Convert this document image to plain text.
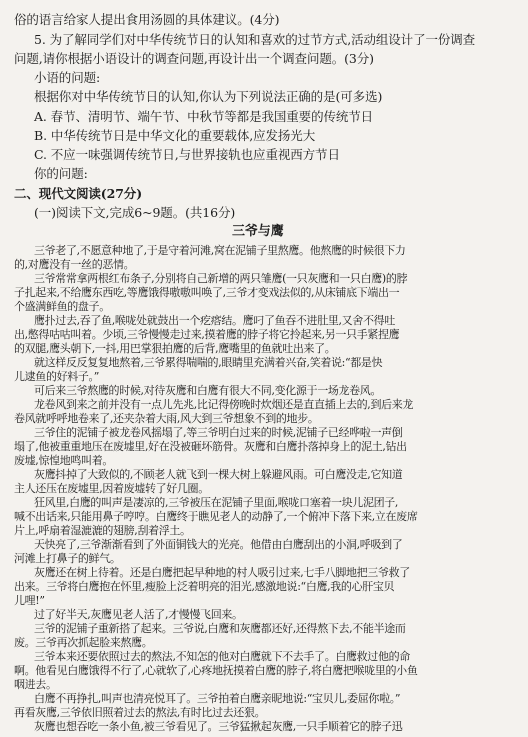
俗的语言给家人提出食用汤圆的具体建议。(4分)
5. 为了解同学们对中华传统节日的认知和喜欢的过节方式,活动组设计了一份调查
问题,请你根据小语设计的调查问题,再设计出一个调查问题。(3分)
小语的问题:
根据你对中华传统节日的认知,你认为下列说法正确的是(可多选)
A. 春节、清明节、端午节、中秋节等都是我国重要的传统节日
B. 中华传统节日是中华文化的重要载体,应发扬光大
C. 不应一味强调传统节日,与世界接轨也应重视西方节日
你的问题:
二、现代文阅读(27分)
(一)阅读下文,完成6~9题。(共16分)
三爷与鹰
三爷老了,不愿意种地了,于是守着河滩,窝在泥铺子里熬鹰。他熬鹰的时候很下力
的,对鹰没有一丝的恶情。
三爷常常拿两根红布条子,分别将自己新增的两只雏鹰(一只灰鹰和一只白鹰)的脖
子扎起来,不给鹰东西吃,等鹰饿得嗷嗷叫唤了,三爷才变戏法似的,从床铺底下端出一
个盛满鲜鱼的盘子。
鹰扑过去,吞了鱼,喉咙处就鼓出一个疙瘩结。鹰叼了鱼吞不进肚里,又舍不得吐
出,憋得咕咕叫着。少顷,三爷慢慢走过来,摸着鹰的脖子将它拎起来,另一只手紧捏鹰
的双腿,鹰头朝下,一抖,用巴掌狠拍鹰的后背,鹰嘴里的鱼就吐出来了。
就这样反反复复地熬着,三爷累得喘喘的,眼睛里充满着兴奋,笑着说:“都是快
儿逮鱼的好料子。”
可后来三爷熬鹰的时候,对待灰鹰和白鹰有很大不同,变化源于一场龙卷风。
龙卷风到来之前并没有一点儿先兆,比记得傍晚时炊烟还是直直插上去的,到后来龙
卷风就呼呼地卷来了,还夹杂着大雨,风大到三爷想象不到的地步。
三爷住的泥铺子被龙卷风摇塌了,等三爷明白过来的时候,泥铺子已经哗啦一声倒
塌了,他被重重地压在废墟里,好在没被砸坏筋骨。灰鹰和白鹰扑落掉身上的泥土,钻出
废墟,惊惶地鸣叫着。
灰鹰抖掉了大致似的,不顾老人就飞到一棵大树上躲避风雨。可白鹰没走,它知道
主人还压在废墟里,因着废墟转了好几圈。
狂风里,白鹰的叫声是凄凉的,三爷被压在泥铺子里面,喉咙口塞着一块儿泥团子,
喊不出话来,只能用鼻子哼哼。白鹰终于瞧见老人的动静了,一个俯冲下落下来,立在废席
片上,呼扇着湿漉漉的翅膀,刮着浮土。
天快亮了,三爷渐渐看到了外面铜钱大的光亮。他借由白鹰刮出的小洞,呼吸到了
河滩上打鼻子的鲜气。
灰鹰还在树上待着。还是白鹰把起早种地的村人吸引过来,七手八脚地把三爷救了
出来。三爷将白鹰抱在怀里,瘦脸上泛着明亮的泪光,感激地说:“白鹰,我的心肝宝贝
儿哩!”
过了好半天,灰鹰见老人活了,才慢慢飞回来。
三爷的泥铺子重新搭了起来。三爷说,白鹰和灰鹰都还好,还得熬下去,不能半途而
废。三爷再次抓起脸来熬鹰。
三爷本来还要依照过去的熬法,不知怎的他对白鹰就下不去手了。白鹰救过他的命
啊。他看见白鹰饿得不行了,心就软了,心疼地抚摸着白鹰的脖子,将白鹰把喉咙里的小鱼
咽进去。
白鹰不再挣扎,叫声也清亮悦耳了。三爷拍着白鹰亲昵地说:“宝贝儿,委屈你啦。”
再看灰鹰,三爷依旧照着过去的熬法,有时比过去还狠。
灰鹰也想吞吃一条小鱼,被三爷看见了。三爷猛揪起灰鹰,一只手顺着它的脖子迅
